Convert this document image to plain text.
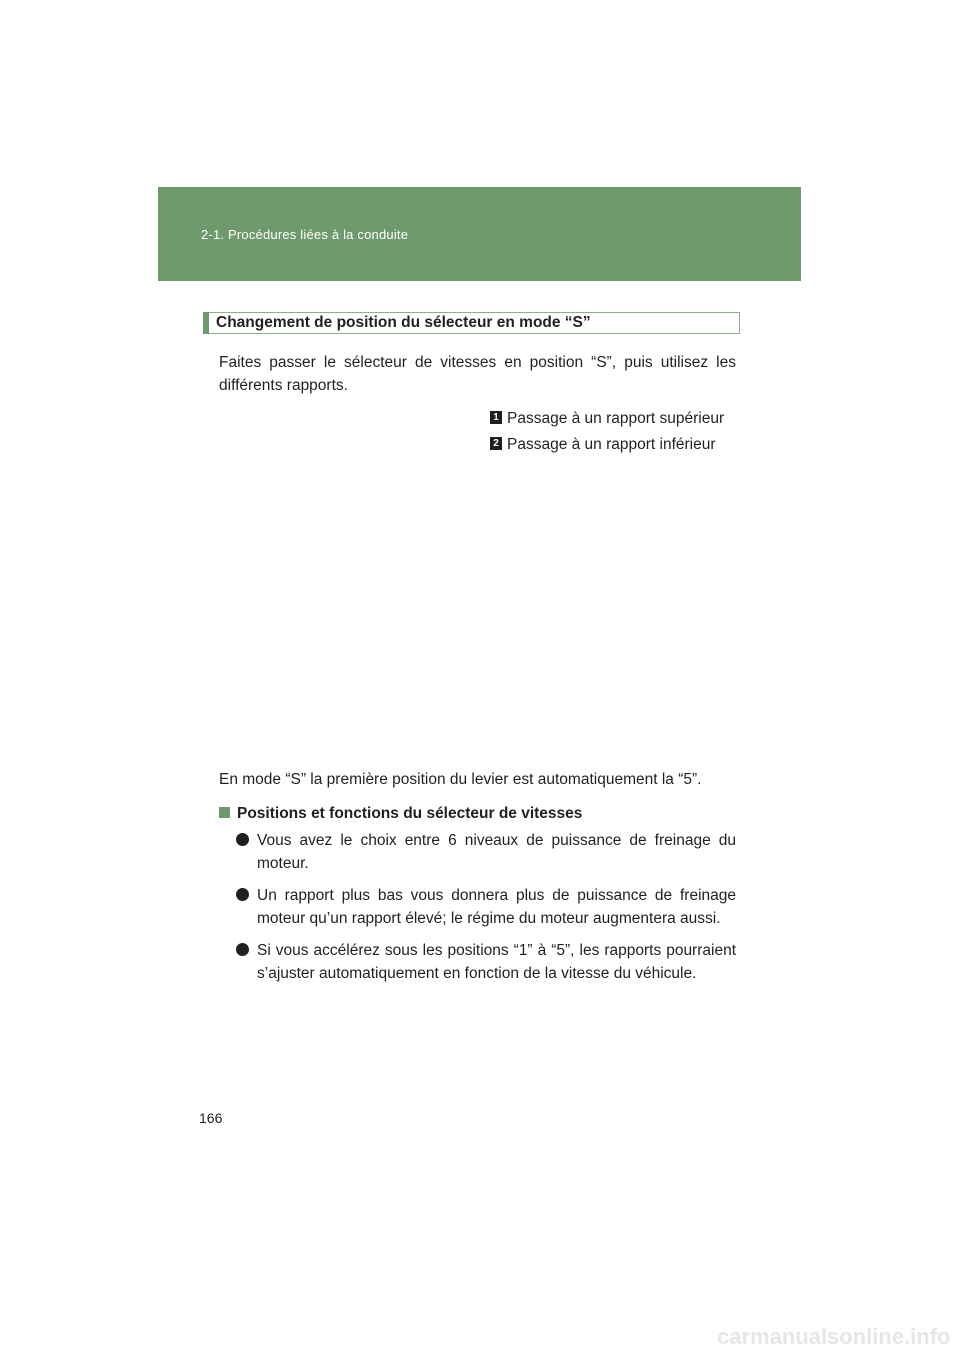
2-1. Procédures liées à la conduite
Changement de position du sélecteur en mode “S”
Faites passer le sélecteur de vitesses en position “S”, puis utilisez les différents rapports.
1 Passage à un rapport supérieur
2 Passage à un rapport inférieur
En mode “S” la première position du levier est automatiquement la “5”.
Positions et fonctions du sélecteur de vitesses
Vous avez le choix entre 6 niveaux de puissance de freinage du moteur.
Un rapport plus bas vous donnera plus de puissance de freinage moteur qu’un rapport élevé; le régime du moteur augmentera aussi.
Si vous accélérez sous les positions “1” à “5”, les rapports pourraient s’ajuster automatiquement en fonction de la vitesse du véhicule.
166
carmanualsonline.info
